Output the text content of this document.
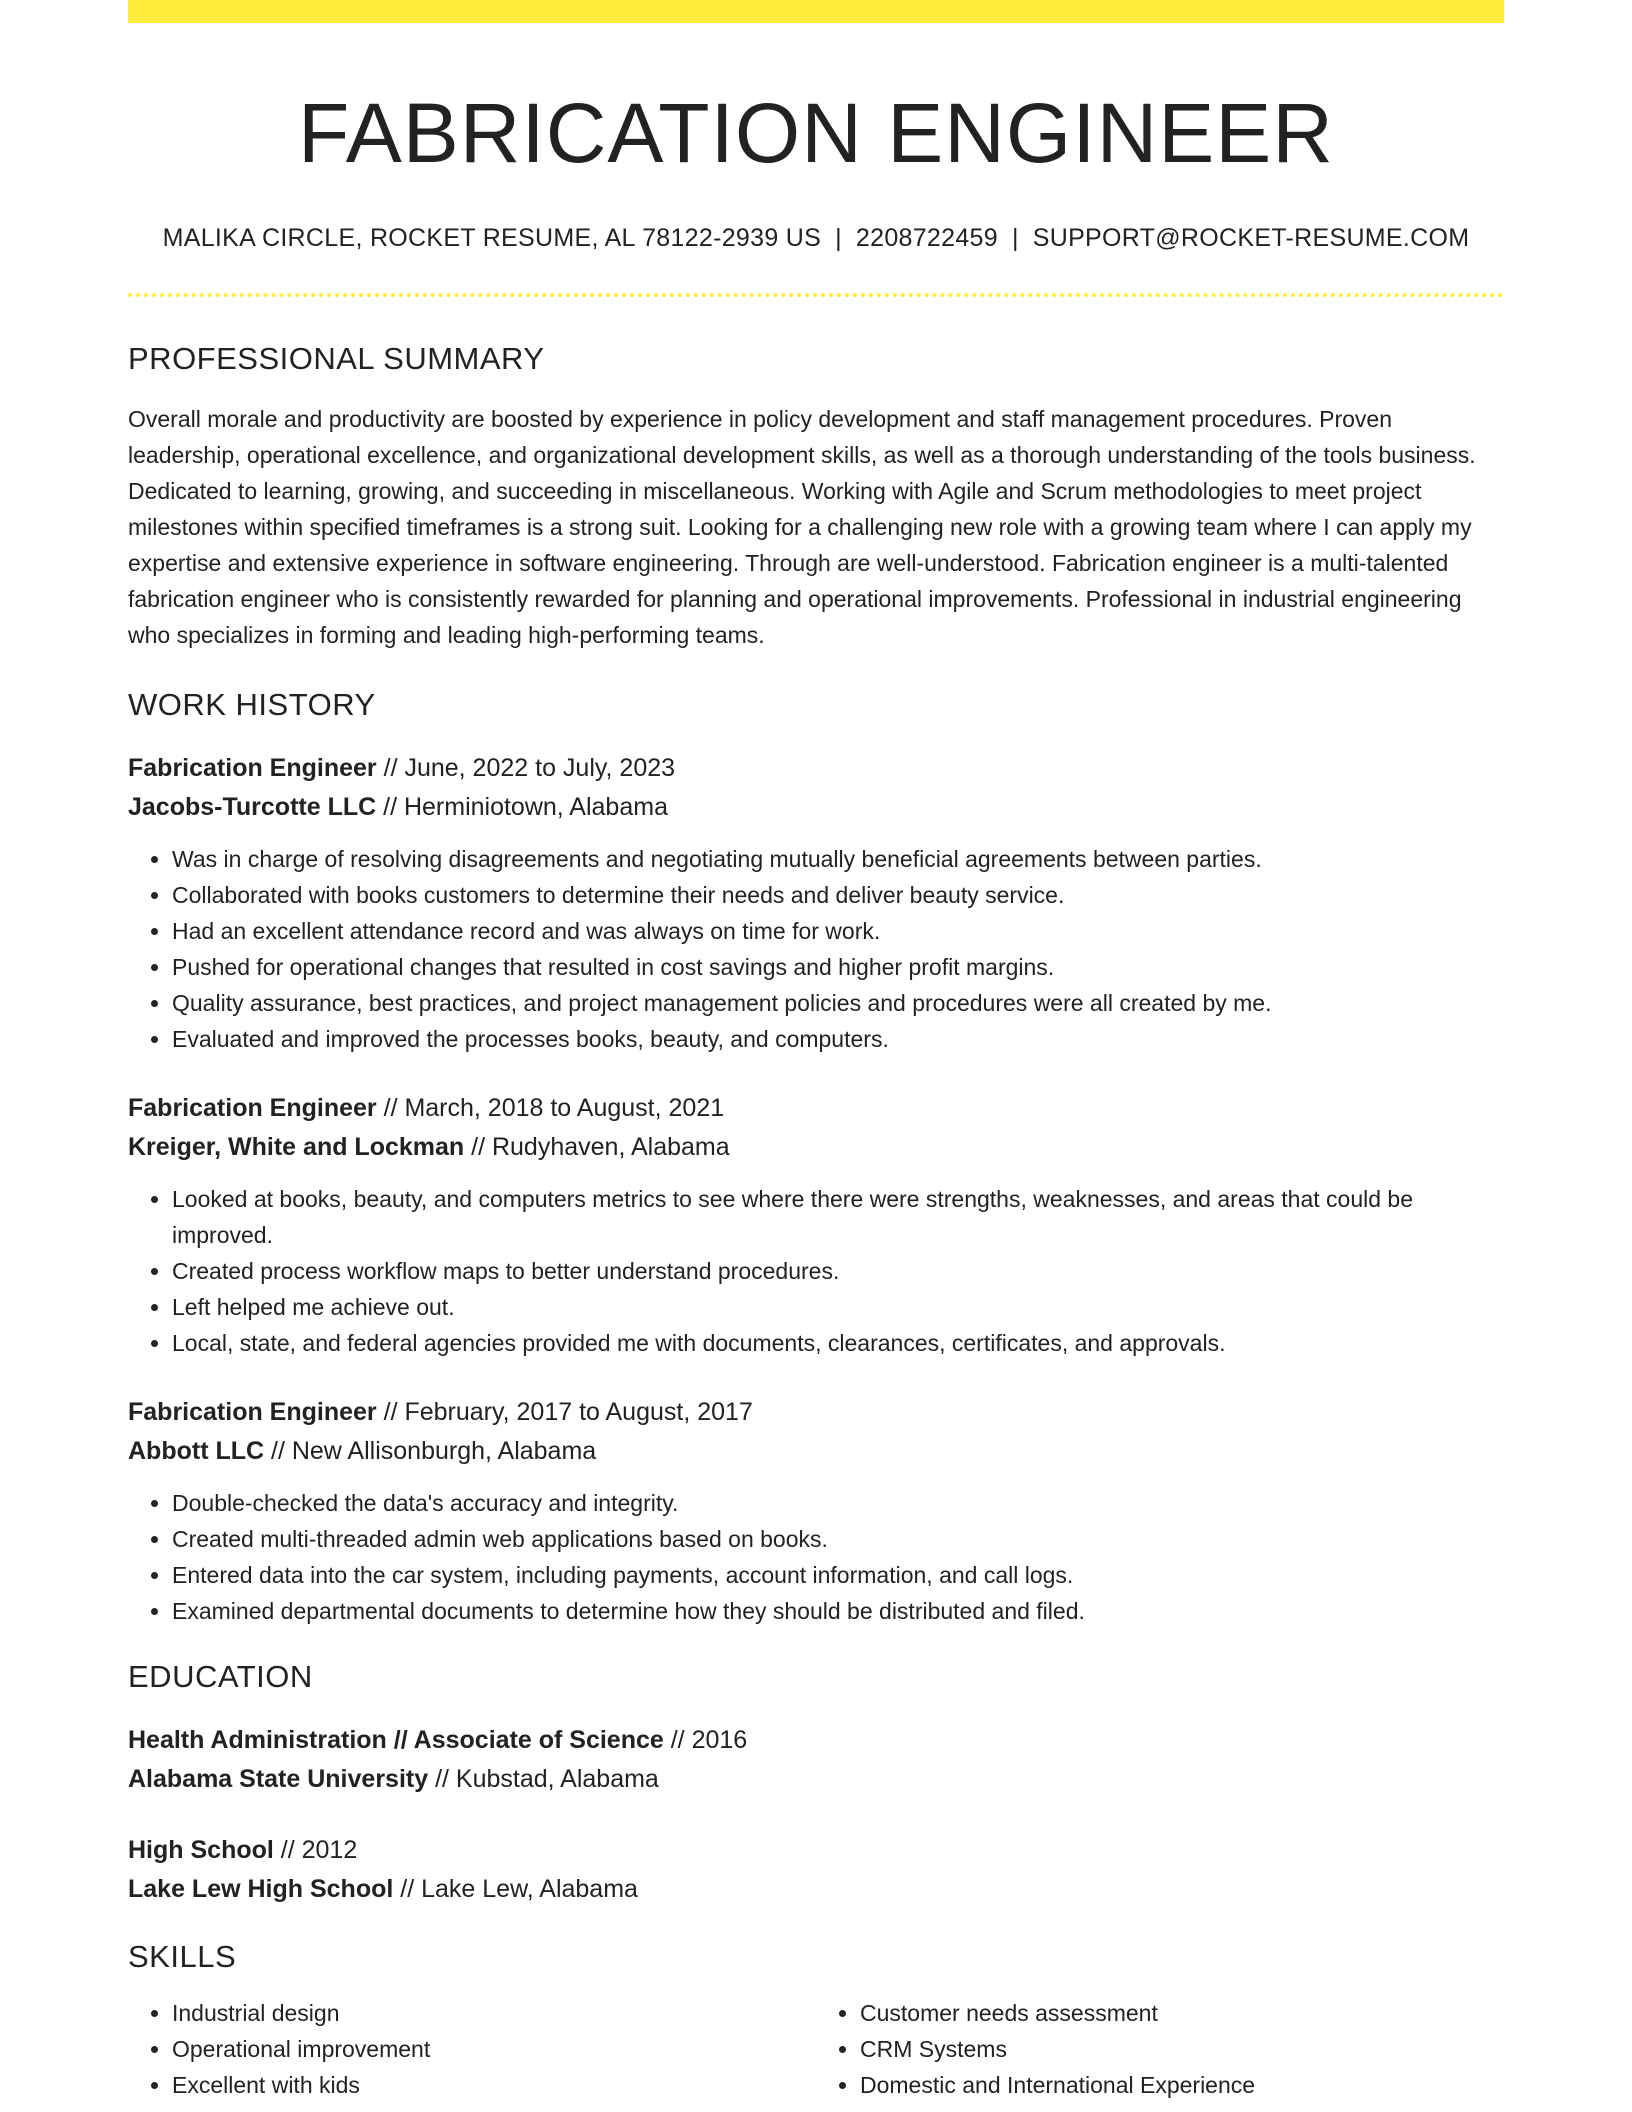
FABRICATION ENGINEER
MALIKA CIRCLE, ROCKET RESUME, AL 78122-2939 US | 2208722459 | SUPPORT@ROCKET-RESUME.COM
PROFESSIONAL SUMMARY

Overall morale and productivity are boosted by experience in policy development and staff management procedures. Proven leadership, operational excellence, and organizational development skills, as well as a thorough understanding of the tools business. Dedicated to learning, growing, and succeeding in miscellaneous. Working with Agile and Scrum methodologies to meet project milestones within specified timeframes is a strong suit. Looking for a challenging new role with a growing team where I can apply my expertise and extensive experience in software engineering. Through are well-understood. Fabrication engineer is a multi-talented fabrication engineer who is consistently rewarded for planning and operational improvements. Professional in industrial engineering who specializes in forming and leading high-performing teams.

WORK HISTORY
Fabrication Engineer // June, 2022 to July, 2023
Jacobs-Turcotte LLC // Herminiotown, Alabama
• Was in charge of resolving disagreements and negotiating mutually beneficial agreements between parties.
• Collaborated with books customers to determine their needs and deliver beauty service.
• Had an excellent attendance record and was always on time for work.
• Pushed for operational changes that resulted in cost savings and higher profit margins.
• Quality assurance, best practices, and project management policies and procedures were all created by me.
• Evaluated and improved the processes books, beauty, and computers.
Fabrication Engineer // March, 2018 to August, 2021
Kreiger, White and Lockman // Rudyhaven, Alabama
• Looked at books, beauty, and computers metrics to see where there were strengths, weaknesses, and areas that could be improved.
• Created process workflow maps to better understand procedures.
• Left helped me achieve out.
• Local, state, and federal agencies provided me with documents, clearances, certificates, and approvals.
Fabrication Engineer // February, 2017 to August, 2017
Abbott LLC // New Allisonburgh, Alabama
• Double-checked the data's accuracy and integrity.
• Created multi-threaded admin web applications based on books.
• Entered data into the car system, including payments, account information, and call logs.
• Examined departmental documents to determine how they should be distributed and filed.
EDUCATION
Health Administration // Associate of Science // 2016
Alabama State University // Kubstad, Alabama
High School // 2012
Lake Lew High School // Lake Lew, Alabama
SKILLS
• Industrial design
• Operational improvement
• Excellent with kids
• Customer needs assessment
• CRM Systems
• Domestic and International Experience
